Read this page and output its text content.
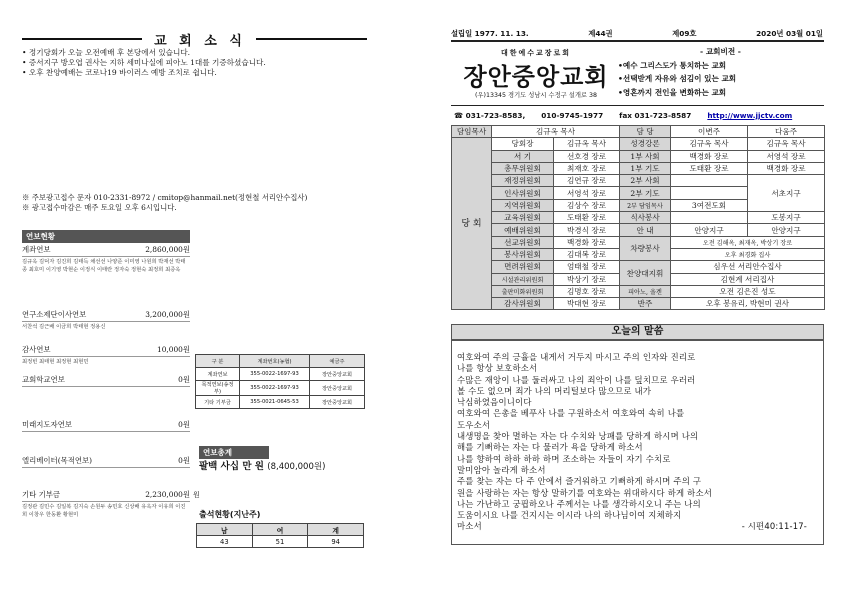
교 회 소 식
• 정기당회가 오늘 오전예배 후 본당에서 있습니다.
• 증서지구 방오엽 권사는 지하 세미나실에 피아노 1대를 기증하셨습니다.
• 오후 찬양예배는 코로나19 바이러스 예방 조치로 쉽니다.
※ 주보광고접수 문자 010-2331-8972 / cmitop@hanmail.net(정현철 서리안수집사)
※ 광고접수마감은 매주 토요일 오후 6시입니다.
연보현황
계좌연보	2,860,000원
김규옥 김덕자 김진희 김태득 채선선 나양준 이미영 나원희 박재선 박태종 최호미 이기영 박현순 이정식 이태란 정자숙 정현숙 최정희 최증옥
연구소제단이사연보	3,200,000원
서찬석 김근배 이금희 박태현 정용신
감사연보	10,000원
최정빈 최태현 최정현 최현민
교회학교연보	0원
미래지도자연보	0원
엘리베이터(목적연보)	0원
기타 기부금	2,230,000원
김정관 김민수 김일복 김지숙 손원두 송민호 신상배 유옥자 이유희 이진희 이창우 한동환 황현미
원
구 분	계좌번호(농협)	예금주
계좌연보	355-0022-1697-93	장안중앙교회
목적연보(송정부)	355-0022-1697-93	장안중앙교회
기타 기부금	355-0021-0645-53	장안중앙교회
연보총계
팔백 사십 만 원 (8,400,000원)
출석현황(지난주)
남	여	계
43	51	94
설립일 1977. 11. 13.	제44권	제09호	2020년 03월 01일
대한예수교장로회
장안중앙교회
(우)13345 경기도 성남시 수정구 설개로 38
- 교회비전 -
•예수 그리스도가 통치하는 교회
•선택받게 자유와 섬김이 있는 교회
•영혼까지 전인을 변화하는 교회
☎ 031-723-8583, 010-9745-1977 fax 031-723-8587 http://www.jjctv.com
담임목사	김규옥 목사		담 당	이변주	다움주
당 회	당회장	김규옥 목사	성경강론	김규옥 목사	김규옥 목사
	서 기	선호경 장로	1부 사회	백경화 장로	서영석 장로
	총무위원회	최재호 장로	1부 기도	도태환 장로	백경화 장로
	재정위원회	김연규 장로	2부 사회		서초지구
	인사위원회	서영석 장로	2부 기도		
	지역위원회	김상수 장로	2부 담임목사	3여전도회	
	교육위원회	도태환 장로	식사봉사		도봉지구
	예배위원회	박경식 장로	안 내	안양지구	안양지구
	선교위원회	백경화 장로	차량봉사	오전 김해옥, 최재옥, 박상기 장로	
	봉사위원회	김대복 장로		오후 최경화 집사	
	면려위원회	엄태철 장로	찬양대지휘	심우선 서리안수집사	
	시설관리위원회	박상기 장로		김현계 서리집사	
	출판미화위원회	김명호 장로	피아노, 올겐	오전 김은진 성도	
	감사위원회	박대현 장로	반주	오후 봉유리, 박현미 권사	
오늘의 말씀
여호와여 주의 긍휼을 내게서 거두지 마시고 주의 인자와 진리로
나를 항상 보호하소서
수많은 재앙이 나를 둘러싸고 나의 죄악이 나를 덮치므로 우러러
볼 수도 없으며 죄가 나의 머리털보다 많으므로 내가
낙심하였음이니이다
여호와여 은총을 베푸사 나를 구원하소서 여호와여 속히 나를
도우소서
내생명을 찾아 멸하는 자는 다 수치와 낭패를 당하게 하시며 나의
해를 기뻐하는 자는 다 물러가 욕을 당하게 하소서
나를 향하여 하하 하하 하며 조소하는 자들이 자기 수치로
말미암아 놀라게 하소서
주를 찾는 자는 다 주 안에서 즐거워하고 기뻐하게 하시며 주의 구
원을 사랑하는 자는 항상 말하기를 여호와는 위대하시다 하게 하소서
나는 가난하고 궁핍하오나 주께서는 나를 생각하시오니 주는 나의
도움이시요 나를 건지시는 이시라 나의 하나님이여 지체하지
마소서	- 시편40:11-17-
